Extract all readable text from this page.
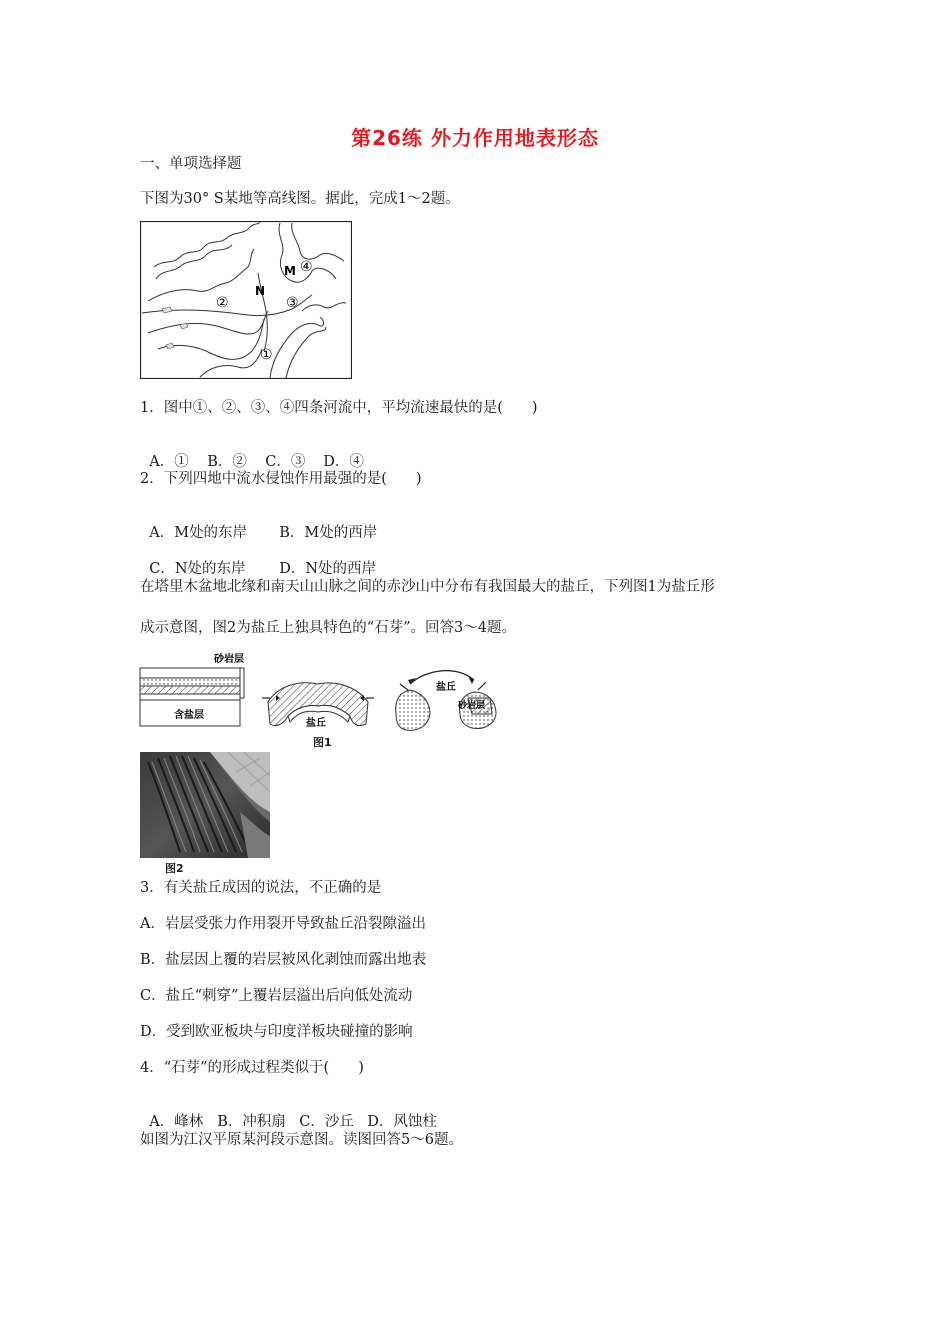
第26练 外力作用地表形态
一、单项选择题
下图为30° S某地等高线图。据此，完成1～2题。
M
N
④
③
②
①
1．图中①、②、③、④四条河流中，平均流速最快的是(　　)

A．① B．② C．③ D．④

2．下列四地中流水侵蚀作用最强的是(　　)

A．M处的东岸 B．M处的西岸

C．N处的东岸 D．N处的西岸

在塔里木盆地北缘和南天山山脉之间的赤沙山中分布有我国最大的盐丘，下列图1为盐丘形
成示意图，图2为盐丘上独具特色的“石芽”。回答3～4题。
砂岩层
含盐层
盐丘
盐丘
砂岩层
图1
图2
3．有关盐丘成因的说法，不正确的是
A．岩层受张力作用裂开导致盐丘沿裂隙溢出
B．盐层因上覆的岩层被风化剥蚀而露出地表
C．盐丘“刺穿”上覆岩层溢出后向低处流动
D．受到欧亚板块与印度洋板块碰撞的影响
4．“石芽”的形成过程类似于(　　)

A．峰林 B．冲积扇 C．沙丘 D．风蚀柱

如图为江汉平原某河段示意图。读图回答5～6题。
